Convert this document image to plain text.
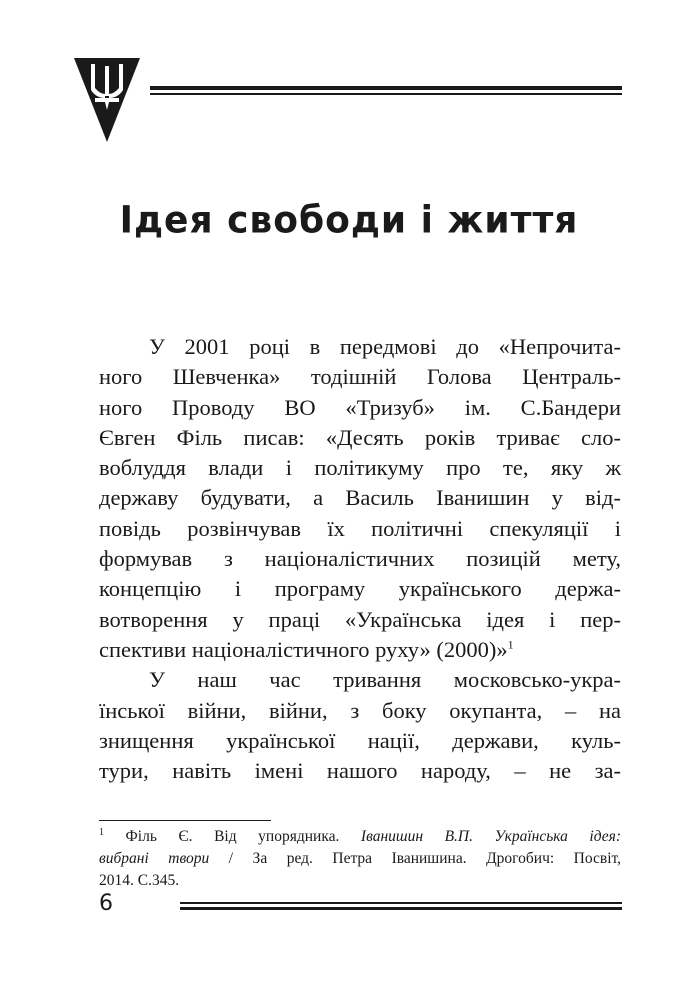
Ідея свободи і життя
У 2001 році в передмові до «Непрочита-
ного Шевченка» тодішній Голова Централь-
ного Проводу ВО «Тризуб» ім. С.Бандери
Євген Філь писав: «Десять років триває сло-
воблуддя влади і політикуму про те, яку ж
державу будувати, а Василь Іванишин у від-
повідь розвінчував їх політичні спекуляції і
формував з націоналістичних позицій мету,
концепцію і програму українського держа-
вотворення у праці «Українська ідея і пер-
спективи націоналістичного руху» (2000)»$^1$
У наш час тривання московсько-укра-
їнської війни, війни, з боку окупанта, – на
знищення української нації, держави, куль-
тури, навіть імені нашого народу, – не за-
$^1$ Філь Є. Від упорядника. Іванишин В.П. Українська ідея:
вибрані твори / За ред. Петра Іванишина. Дрогобич: Посвіт,
2014. С.345.
6
